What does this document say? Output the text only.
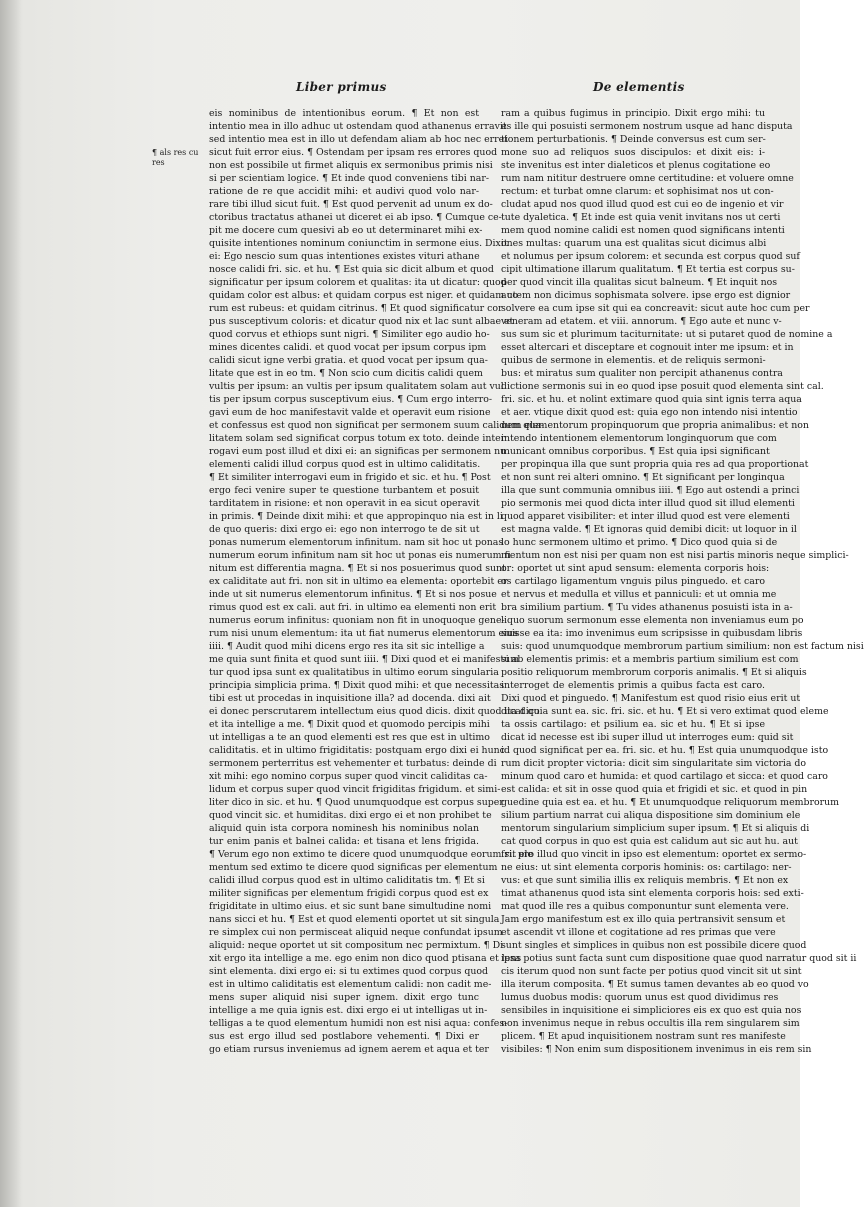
Liber primus	De elementis
¶ als res cu res
eis nominibus de intentionibus eorum. ¶ Et non est
intentio mea in illo adhuc ut ostendam quod athanenus erravit
sed intentio mea est in illo ut defendam aliam ab hoc nec erret
sicut fuit error eius. ¶ Ostendam per ipsam res errores quod
non est possibile ut firmet aliquis ex sermonibus primis nisi
si per scientiam logice. ¶ Et inde quod conveniens tibi nar-
ratione de re que accidit mihi: et audivi quod volo nar-
rare tibi illud sicut fuit. ¶ Est quod pervenit ad unum ex do-
ctoribus tractatus athanei ut diceret ei ab ipso. ¶ Cumque ce-
pit me docere cum quesivi ab eo ut determinaret mihi ex-
quisite intentiones nominum coniunctim in sermone eius. Dixit
ei: Ego nescio sum quas intentiones existes vituri athane
nosce calidi fri. sic. et hu. ¶ Est quia sic dicit album et quod
significatur per ipsum colorem et qualitas: ita ut dicatur: quod
quidam color est albus: et quidam corpus est niger. et quidam co-
rum est rubeus: et quidam citrinus. ¶ Et quod significatur cor
pus susceptivum coloris: et dicatur quod nix et lac sunt albae et
quod corvus et ethiops sunt nigri. ¶ Similiter ego audio ho-
mines dicentes calidi. et quod vocat per ipsum corpus ipm
calidi sicut igne verbi gratia. et quod vocat per ipsum qua-
litate que est in eo tm. ¶ Non scio cum dicitis calidi quem
vultis per ipsum: an vultis per ipsum qualitatem solam aut vul
tis per ipsum corpus susceptivum eius. ¶ Cum ergo interro-
gavi eum de hoc manifestavit valde et operavit eum risione
et confessus est quod non significat per sermonem suum calidum qua-
litatem solam sed significat corpus totum ex toto. deinde inter
rogavi eum post illud et dixi ei: an significas per sermonem nu
elementi calidi illud corpus quod est in ultimo caliditatis.
¶ Et similiter interrogavi eum in frigido et sic. et hu. ¶ Post
ergo feci venire super te questione turbantem et posuit
tarditatem in risione: et non operavit in ea sicut operavit
in primis. ¶ Deinde dixit mihi: et que appropinquo nia est in li
de quo queris: dixi ergo ei: ego non interrogo te de sit ut
ponas numerum elementorum infinitum. nam sit hoc ut ponas
numerum eorum infinitum nam sit hoc ut ponas eis numerum fi
nitum est differentia magna. ¶ Et si nos posuerimus quod sunt
ex caliditate aut fri. non sit in ultimo ea elementa: oportebit er
inde ut sit numerus elementorum infinitus. ¶ Et si nos posue
rimus quod est ex cali. aut fri. in ultimo ea elementi non erit
numerus eorum infinitus: quoniam non fit in unoquoque gene-
rum nisi unum elementum: ita ut fiat numerus elementorum eius
iiii. ¶ Audit quod mihi dicens ergo res ita sit sic intellige a
me quia sunt finita et quod sunt iiii. ¶ Dixi quod et ei manifestum
tur quod ipsa sunt ex qualitatibus in ultimo eorum singularia
principia simplicia prima. ¶ Dixit quod mihi: et que necessitas
tibi est ut procedas in inquisitione illa? ad docenda. dixi ait
ei donec perscrutarem intellectum eius quod dicis. dixit quod ita dico
et ita intellige a me. ¶ Dixit quod et quomodo percipis mihi
ut intelligas a te an quod elementi est res que est in ultimo
caliditatis. et in ultimo frigiditatis: postquam ergo dixi ei hunc
sermonem perterritus est vehementer et turbatus: deinde di
xit mihi: ego nomino corpus super quod vincit caliditas ca-
lidum et corpus super quod vincit frigiditas frigidum. et simi-
liter dico in sic. et hu. ¶ Quod unumquodque est corpus super
quod vincit sic. et humiditas. dixi ergo ei et non prohibet te
aliquid quin ista corpora nominesh his nominibus nolan
tur enim panis et balnei calida: et tisana et lens frigida.
¶ Verum ego non extimo te dicere quod unumquodque eorum sit ele
mentum sed extimo te dicere quod significas per elementum
calidi illud corpus quod est in ultimo caliditatis tm. ¶ Et si
militer significas per elementum frigidi corpus quod est ex
frigiditate in ultimo eius. et sic sunt bane simultudine nomi
nans sicci et hu. ¶ Est et quod elementi oportet ut sit singula
re simplex cui non permisceat aliquid neque confundat ipsum
aliquid: neque oportet ut sit compositum nec permixtum. ¶ Di
xit ergo ita intellige a me. ego enim non dico quod ptisana et lens
sint elementa. dixi ergo ei: si tu extimes quod corpus quod
est in ultimo caliditatis est elementum calidi: non cadit me-
mens super aliquid nisi super ignem. dixit ergo tunc
intellige a me quia ignis est. dixi ergo ei ut intelligas ut in-
telligas a te quod elementum humidi non est nisi aqua: confes-
sus est ergo illud sed postlabore vehementi. ¶ Dixi er
go etiam rursus inveniemus ad ignem aerem et aqua et ter
ram a quibus fugimus in principio. Dixit ergo mihi: tu
es ille qui posuisti sermonem nostrum usque ad hanc disputa
tionem perturbationis. ¶ Deinde conversus est cum ser-
mone suo ad reliquos suos discipulos: et dixit eis: i-
ste invenitus est inter dialeticos et plenus cogitatione eo
rum nam nititur destruere omne certitudine: et voluere omne
rectum: et turbat omne clarum: et sophisimat nos ut con-
cludat apud nos quod illud quod est cui eo de ingenio et vir
tute dyaletica. ¶ Et inde est quia venit invitans nos ut certi
mem quod nomine calidi est nomen quod significans intenti
ones multas: quarum una est qualitas sicut dicimus albi
et nolumus per ipsum colorem: et secunda est corpus quod suf
cipit ultimatione illarum qualitatum. ¶ Et tertia est corpus su-
per quod vincit illa qualitas sicut balneum. ¶ Et inquit nos
autem non dicimus sophismata solvere. ipse ergo est dignior
solvere ea cum ipse sit qui ea concreavit: sicut aute hoc cum per
veneram ad etatem. et viii. annorum. ¶ Ego aute et nunc v-
sus sum sic et plurimum taciturnitate: ut si putaret quod de nomine a
esset altercari et disceptare et cognouit inter me ipsum: et in
quibus de sermone in elementis. et de reliquis sermoni-
bus: et miratus sum qualiter non percipit athanenus contra
dictione sermonis sui in eo quod ipse posuit quod elementa sint cal.
fri. sic. et hu. et nolint extimare quod quia sint ignis terra aqua
et aer. vtique dixit quod est: quia ego non intendo nisi intentio
nem elementorum propinquorum que propria animalibus: et non
intendo intentionem elementorum longinquorum que com
municant omnibus corporibus. ¶ Est quia ipsi significant
per propinqua illa que sunt propria quia res ad qua proportionat
et non sunt rei alteri omnino. ¶ Et significant per longinqua
illa que sunt communia omnibus iiii. ¶ Ego aut ostendi a princi
pio sermonis mei quod dicta inter illud quod sit illud elementi
quod apparet visibiliter: et inter illud quod est vere elementi
est magna valde. ¶ Et ignoras quid demibi dicit: ut loquor in il
lo hunc sermonem ultimo et primo. ¶ Dico quod quia si de
mentum non est nisi per quam non est nisi partis minoris neque simplici-
or: oportet ut sint apud sensum: elementa corporis hois:
os cartilago ligamentum vnguis pilus pinguedo. et caro
et nervus et medulla et villus et panniculi: et ut omnia me
bra similium partium. ¶ Tu vides athanenus posuisti ista in a-
liquo suorum sermonum esse elementa non inveniamus eum po
suisse ea ita: imo invenimus eum scripsisse in quibusdam libris
suis: quod unumquodque membrorum partium similium: non est factum nisi
si ab elementis primis: et a membris partium similium est com
positio reliquorum membrorum corporis animalis. ¶ Et si aliquis
interroget de elementis primis a quibus facta est caro.
Dixi quod et pinguedo. ¶ Manifestum est quod risio eius erit ut
dicat quia sunt ea. sic. fri. sic. et hu. ¶ Et si vero extimat quod eleme
ta ossis cartilago: et psilium ea. sic et hu. ¶ Et si ipse
dicat id necesse est ibi super illud ut interroges eum: quid sit
id quod significat per ea. fri. sic. et hu. ¶ Est quia unumquodque isto
rum dicit propter victoria: dicit sim singularitate sim victoria do
minum quod caro et humida: et quod cartilago et sicca: et quod caro
est calida: et sit in osse quod quia et frigidi et sic. et quod in pin
guedine quia est ea. et hu. ¶ Et unumquodque reliquorum membrorum
silium partium narrat cui aliqua dispositione sim dominium ele
mentorum singularium simplicium super ipsum. ¶ Et si aliquis di
cat quod corpus in quo est quia est calidum aut sic aut hu. aut
fri. pro illud quo vincit in ipso est elementum: oportet ex sermo-
ne eius: ut sint elementa corporis hominis: os: cartilago: ner-
vus: et que sunt similia illis ex reliquis membris. ¶ Et non ex
timat athanenus quod ista sint elementa corporis hois: sed exti-
mat quod ille res a quibus componuntur sunt elementa vere.
Jam ergo manifestum est ex illo quia pertransivit sensum et
et ascendit vt illone et cogitatione ad res primas que vere
sunt singles et simplices in quibus non est possibile dicere quod
ipsa potius sunt facta sunt cum dispositione quae quod narratur quod sit ii
cis iterum quod non sunt facte per potius quod vincit sit ut sint
illa iterum composita. ¶ Et sumus tamen devantes ab eo quod vo
lumus duobus modis: quorum unus est quod dividimus res
sensibiles in inquisitione ei simpliciores eis ex quo est quia nos
non invenimus neque in rebus occultis illa rem singularem sim
plicem. ¶ Et apud inquisitionem nostram sunt res manifeste
visibiles: ¶ Non enim sum dispositionem invenimus in eis rem sin
